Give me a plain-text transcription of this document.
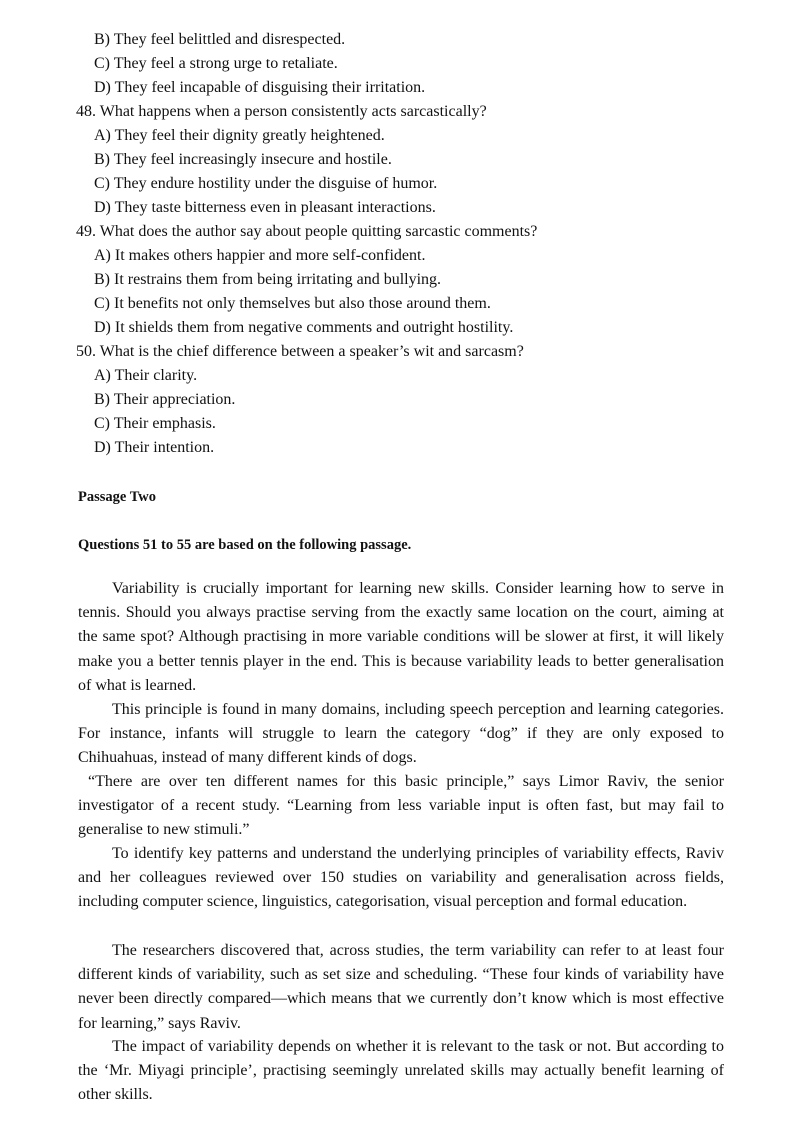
B) They feel belittled and disrespected.
C) They feel a strong urge to retaliate.
D) They feel incapable of disguising their irritation.
48. What happens when a person consistently acts sarcastically?
A) They feel their dignity greatly heightened.
B) They feel increasingly insecure and hostile.
C) They endure hostility under the disguise of humor.
D) They taste bitterness even in pleasant interactions.
49. What does the author say about people quitting sarcastic comments?
A) It makes others happier and more self-confident.
B) It restrains them from being irritating and bullying.
C) It benefits not only themselves but also those around them.
D) It shields them from negative comments and outright hostility.
50. What is the chief difference between a speaker’s wit and sarcasm?
A) Their clarity.
B) Their appreciation.
C) Their emphasis.
D) Their intention.
Passage Two
Questions 51 to 55 are based on the following passage.
Variability is crucially important for learning new skills. Consider learning how to serve in tennis. Should you always practise serving from the exactly same location on the court, aiming at the same spot? Although practising in more variable conditions will be slower at first, it will likely make you a better tennis player in the end. This is because variability leads to better generalisation of what is learned.
This principle is found in many domains, including speech perception and learning categories. For instance, infants will struggle to learn the category “dog” if they are only exposed to Chihuahuas, instead of many different kinds of dogs.
“There are over ten different names for this basic principle,” says Limor Raviv, the senior investigator of a recent study. “Learning from less variable input is often fast, but may fail to generalise to new stimuli.”
To identify key patterns and understand the underlying principles of variability effects, Raviv and her colleagues reviewed over 150 studies on variability and generalisation across fields, including computer science, linguistics, categorisation, visual perception and formal education.
The researchers discovered that, across studies, the term variability can refer to at least four different kinds of variability, such as set size and scheduling. “These four kinds of variability have never been directly compared—which means that we currently don’t know which is most effective for learning,” says Raviv.
The impact of variability depends on whether it is relevant to the task or not. But according to the ‘Mr. Miyagi principle’, practising seemingly unrelated skills may actually benefit learning of other skills.
